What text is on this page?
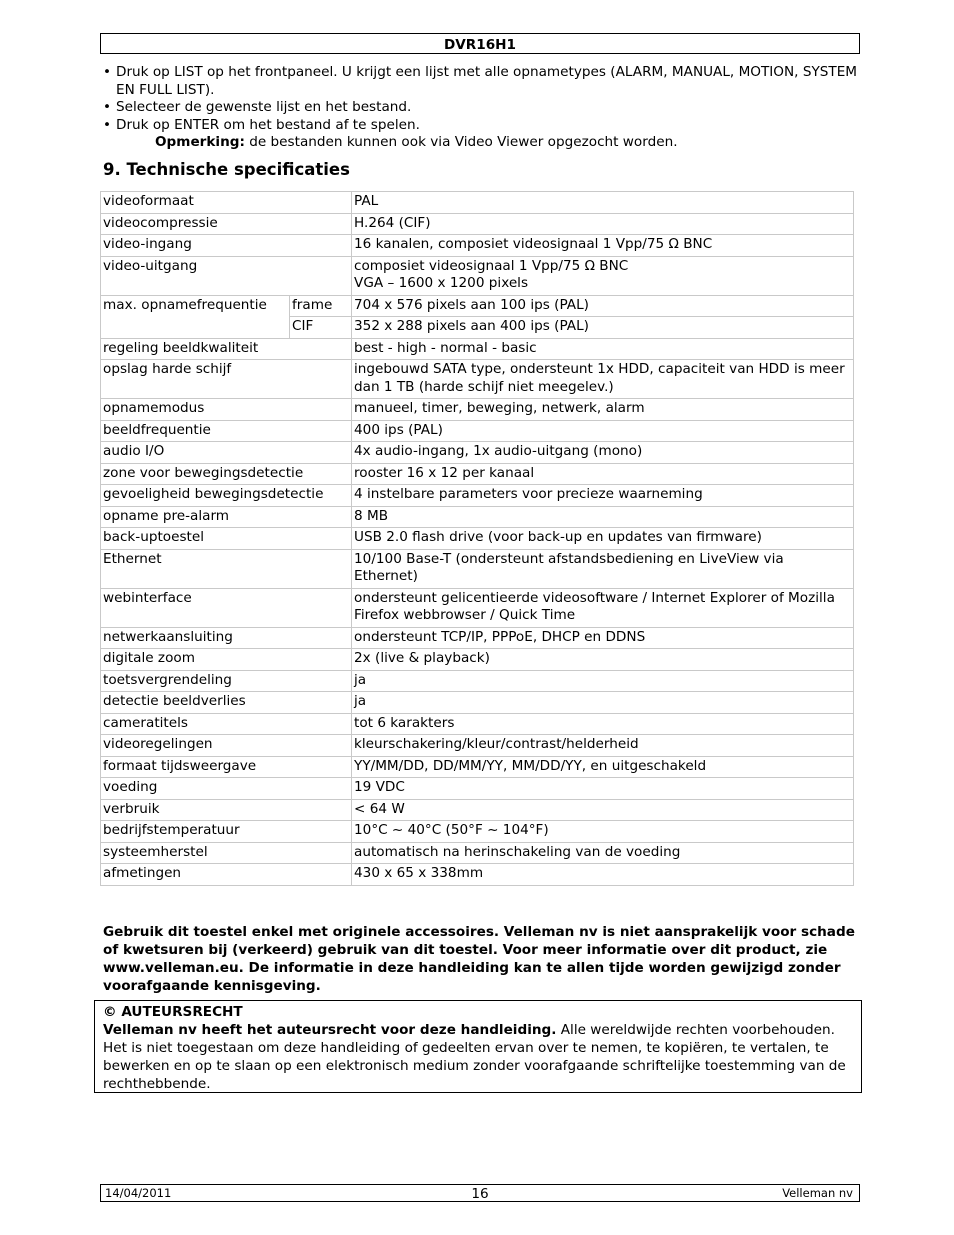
DVR16H1
• Druk op LIST op het frontpaneel. U krijgt een lijst met alle opnametypes (ALARM, MANUAL, MOTION, SYSTEM EN FULL LIST).
• Selecteer de gewenste lijst en het bestand.
• Druk op ENTER om het bestand af te spelen.
Opmerking: de bestanden kunnen ook via Video Viewer opgezocht worden.
9. Technische specificaties
videoformaat		PAL

videocompressie		H.264 (CIF)

video-ingang		16 kanalen, composiet videosignaal 1 Vpp/75 Ω BNC

video-uitgang		composiet videosignaal 1 Vpp/75 Ω BNC
VGA – 1600 x 1200 pixels

max. opnamefrequentie	frame	704 x 576 pixels aan 100 ips (PAL)
	CIF	352 x 288 pixels aan 400 ips (PAL)
regeling beeldkwaliteit		best - high - normal - basic

opslag harde schijf		ingebouwd SATA type, ondersteunt 1x HDD, capaciteit van HDD is meer dan 1 TB (harde schijf niet meegelev.)

opnamemodus		manueel, timer, beweging, netwerk, alarm

beeldfrequentie		400 ips (PAL)

audio I/O		4x audio-ingang, 1x audio-uitgang (mono)

zone voor bewegingsdetectie		rooster 16 x 12 per kanaal

gevoeligheid bewegingsdetectie		4 instelbare parameters voor precieze waarneming

opname pre-alarm		8 MB

back-uptoestel		USB 2.0 flash drive (voor back-up en updates van firmware)

Ethernet		10/100 Base-T (ondersteunt afstandsbediening en LiveView via Ethernet)

webinterface		ondersteunt gelicentieerde videosoftware / Internet Explorer of Mozilla Firefox webbrowser / Quick Time

netwerkaansluiting		ondersteunt TCP/IP, PPPoE, DHCP en DDNS

digitale zoom		2x (live & playback)

toetsvergrendeling		ja

detectie beeldverlies		ja

cameratitels		tot 6 karakters

videoregelingen		kleurschakering/kleur/contrast/helderheid

formaat tijdsweergave		YY/MM/DD, DD/MM/YY, MM/DD/YY, en uitgeschakeld

voeding		19 VDC

verbruik		< 64 W

bedrijfstemperatuur		10°C ~ 40°C (50°F ~ 104°F)

systeemherstel		automatisch na herinschakeling van de voeding

afmetingen		430 x 65 x 338mm
Gebruik dit toestel enkel met originele accessoires. Velleman nv is niet aansprakelijk voor schade of kwetsuren bij (verkeerd) gebruik van dit toestel. Voor meer informatie over dit product, zie www.velleman.eu. De informatie in deze handleiding kan te allen tijde worden gewijzigd zonder voorafgaande kennisgeving.
© AUTEURSRECHT
Velleman nv heeft het auteursrecht voor deze handleiding. Alle wereldwijde rechten voorbehouden. Het is niet toegestaan om deze handleiding of gedeelten ervan over te nemen, te kopiëren, te vertalen, te bewerken en op te slaan op een elektronisch medium zonder voorafgaande schriftelijke toestemming van de rechthebbende.
14/04/2011	16	Velleman nv
